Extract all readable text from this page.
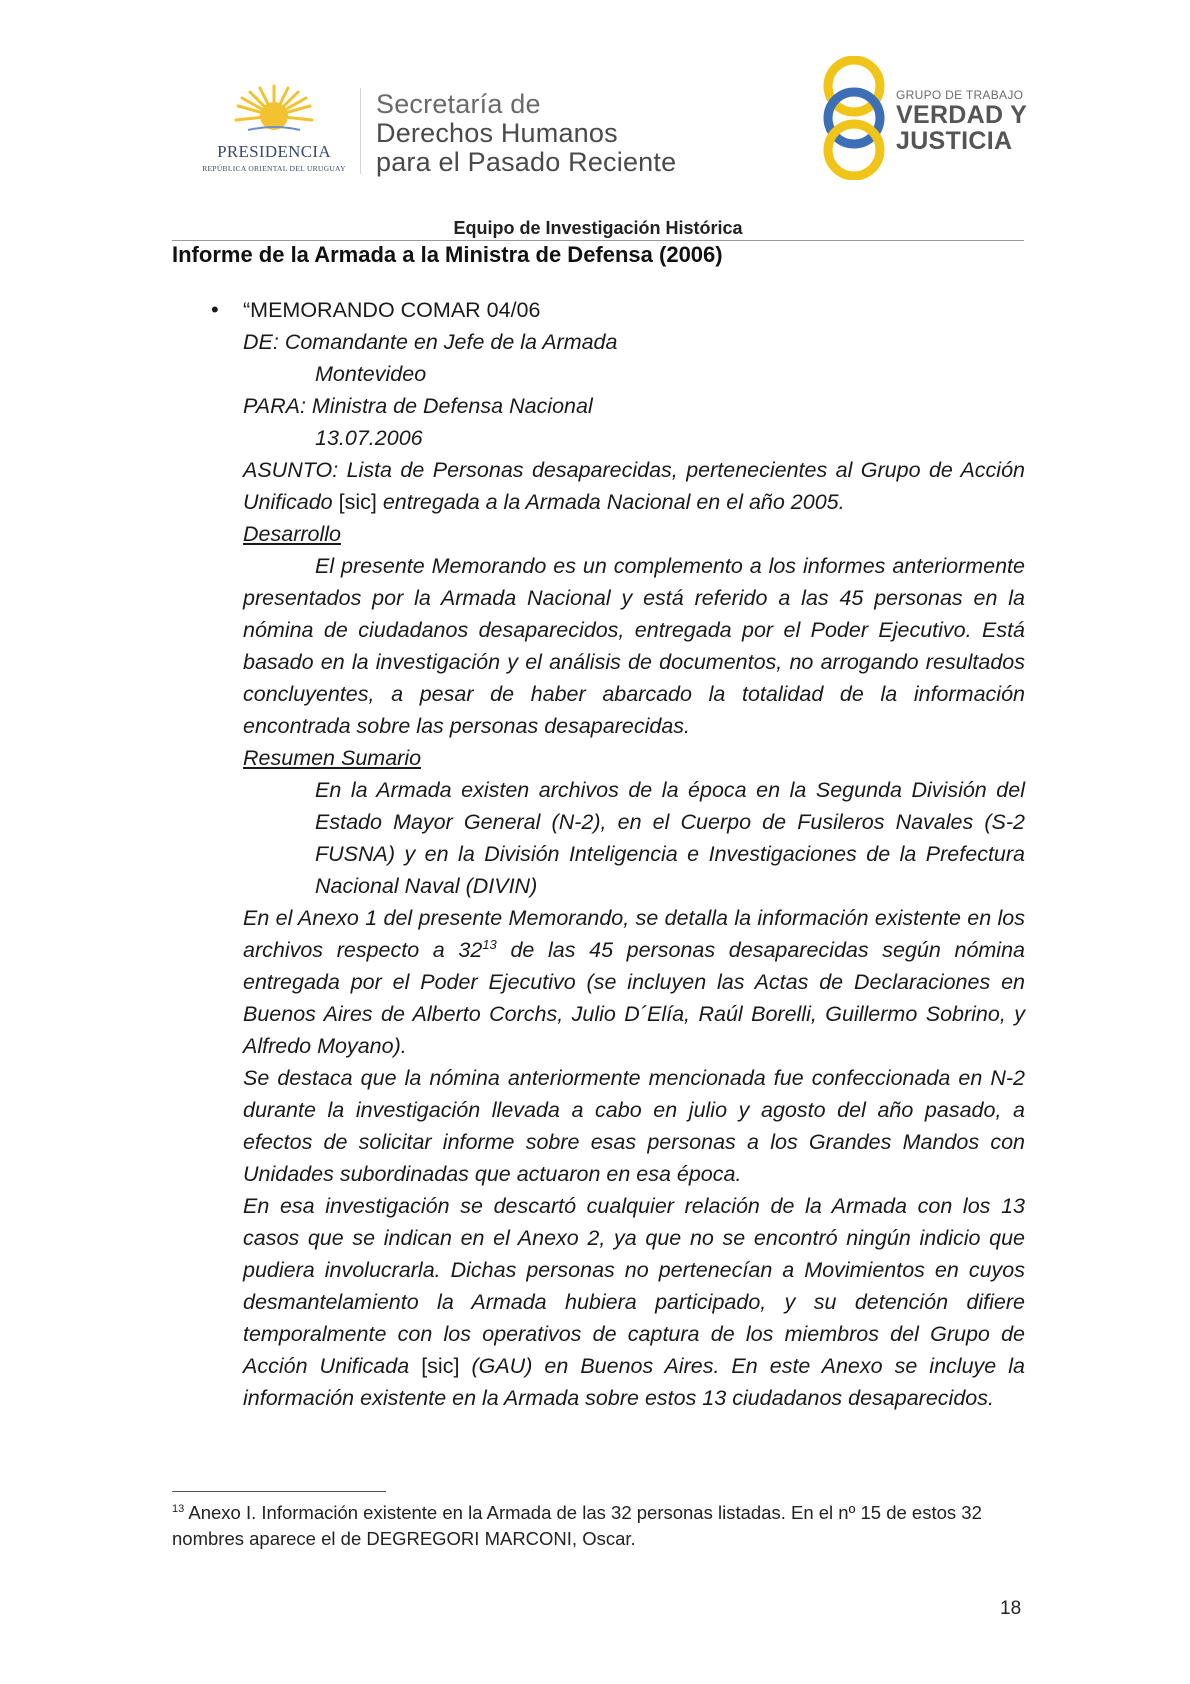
PRESIDENCIA
REPÚBLICA ORIENTAL DEL URUGUAY
Secretaría de
Derechos Humanos
para el Pasado Reciente
GRUPO DE TRABAJO
VERDAD Y
JUSTICIA
Equipo de Investigación Histórica
Informe de la Armada a la Ministra de Defensa (2006)
• “MEMORANDO COMAR 04/06
DE: Comandante en Jefe de la Armada
Montevideo
PARA: Ministra de Defensa Nacional
13.07.2006
ASUNTO: Lista de Personas desaparecidas, pertenecientes al Grupo de Acción Unificado [sic] entregada a la Armada Nacional en el año 2005.
Desarrollo
El presente Memorando es un complemento a los informes anteriormente presentados por la Armada Nacional y está referido a las 45 personas en la nómina de ciudadanos desaparecidos, entregada por el Poder Ejecutivo. Está basado en la investigación y el análisis de documentos, no arrogando resultados concluyentes, a pesar de haber abarcado la totalidad de la información encontrada sobre las personas desaparecidas.
Resumen Sumario
En la Armada existen archivos de la época en la Segunda División del Estado Mayor General (N-2), en el Cuerpo de Fusileros Navales (S-2 FUSNA) y en la División Inteligencia e Investigaciones de la Prefectura Nacional Naval (DIVIN)
En el Anexo 1 del presente Memorando, se detalla la información existente en los archivos respecto a $32^{13}$ de las 45 personas desaparecidas según nómina entregada por el Poder Ejecutivo (se incluyen las Actas de Declaraciones en Buenos Aires de Alberto Corchs, Julio D´Elía, Raúl Borelli, Guillermo Sobrino, y Alfredo Moyano).
Se destaca que la nómina anteriormente mencionada fue confeccionada en N-2 durante la investigación llevada a cabo en julio y agosto del año pasado, a efectos de solicitar informe sobre esas personas a los Grandes Mandos con Unidades subordinadas que actuaron en esa época.
En esa investigación se descartó cualquier relación de la Armada con los 13 casos que se indican en el Anexo 2, ya que no se encontró ningún indicio que pudiera involucrarla. Dichas personas no pertenecían a Movimientos en cuyos desmantelamiento la Armada hubiera participado, y su detención difiere temporalmente con los operativos de captura de los miembros del Grupo de Acción Unificada [sic] (GAU) en Buenos Aires. En este Anexo se incluye la información existente en la Armada sobre estos 13 ciudadanos desaparecidos.
$^{13}$ Anexo I. Información existente en la Armada de las 32 personas listadas. En el nº 15 de estos 32 nombres aparece el de DEGREGORI MARCONI, Oscar.
18
